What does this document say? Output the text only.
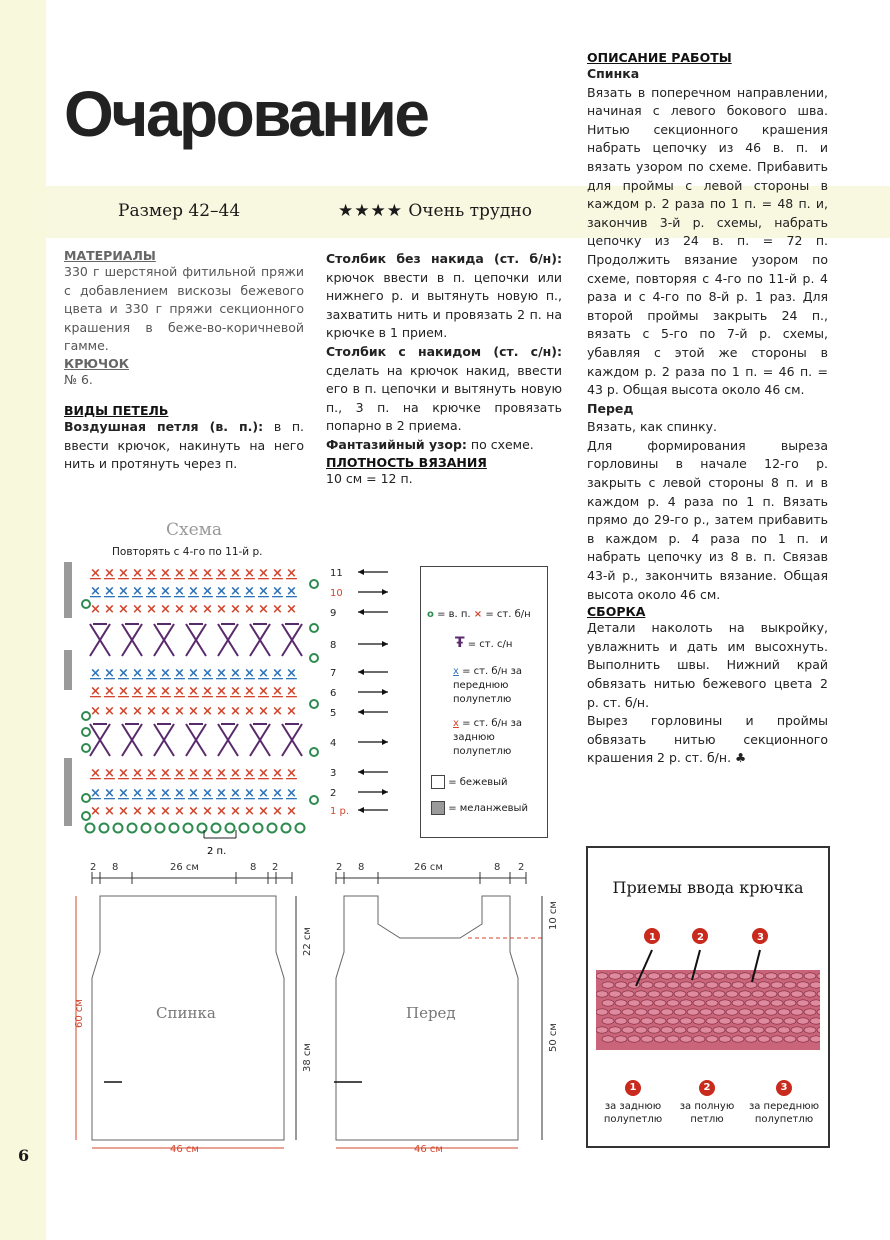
Очарование
Размер 42–44	★★★★ Очень трудно
МАТЕРИАЛЫ
330 г шерстяной фитильной пряжи с добавлением вискозы бежевого цвета и 330 г пряжи секционного крашения в беже-во-коричневой гамме.
КРЮЧОК
№ 6.
ВИДЫ ПЕТЕЛЬ
Воздушная петля (в. п.): в п. ввести крючок, накинуть на него нить и протянуть через п.
Столбик без накида (ст. б/н): крючок ввести в п. цепочки или нижнего р. и вытянуть новую п., захватить нить и провязать 2 п. на крючке в 1 прием.
Столбик с накидом (ст. с/н): сделать на крючок накид, ввести его в п. цепочки и вытянуть новую п., 3 п. на крючке провязать попарно в 2 приема.
Фантазийный узор: по схеме.
ПЛОТНОСТЬ ВЯЗАНИЯ
10 см = 12 п.
ОПИСАНИЕ РАБОТЫ
Спинка
Вязать в поперечном направлении, начиная с левого бокового шва. Нитью секционного крашения набрать цепочку из 46 в. п. и вязать узором по схеме. Прибавить для проймы с левой стороны в каждом р. 2 раза по 1 п. = 48 п. и, закончив 3-й р. схемы, набрать цепочку из 24 в. п. = 72 п. Продолжить вязание узором по схеме, повторяя с 4-го по 11-й р. 4 раза и с 4-го по 8-й р. 1 раз. Для второй проймы закрыть 24 п., вязать с 5-го по 7-й р. схемы, убавляя с этой же стороны в каждом р. 2 раза по 1 п. = 46 п. = 43 р. Общая высота около 46 см.
Перед
Вязать, как спинку.
Для формирования выреза горловины в начале 12-го р. закрыть с левой стороны 8 п. и в каждом р. 4 раза по 1 п. Вязать прямо до 29-го р., затем прибавить в каждом р. 4 раза по 1 п. и набрать цепочку из 8 в. п. Связав 43-й р., закончить вязание. Общая высота около 46 см.
СБОРКА
Детали наколоть на выкройку, увлажнить и дать им высохнуть. Выполнить швы. Нижний край обвязать нитью бежевого цвета 2 р. ст. б/н.
Вырез горловины и проймы обвязать нитью секционного крашения 2 р. ст. б/н. ♣
Схема
Повторять с 4-го по 11-й р.
× × × × × × × × × × × × × × ×
× × × × × × × × × × × × × × ×
× × × × × × × × × × × × × × ×
× × × × × × × × × × × × × × ×
× × × × × × × × × × × × × × ×
× × × × × × × × × × × × × × ×
× × × × × × × × × × × × × × ×
× × × × × × × × × × × × × × ×
× × × × × × × × × × × × × × ×
11
10
9
8
7
6
5
4
3
2
1 р.
2 п.
o = в. п. × = ст. б/н
Ŧ = ст. с/н
x = ст. б/н за переднюю полупетлю
x = ст. б/н за заднюю полупетлю
= бежевый
= меланжевый
2 8	26 см	8 2
60 см
22 см
38 см
Спинка
46 см
2 8	26 см	8 2
10 см
50 см
Перед
46 см
Приемы ввода крючка
1	2	3
1
за заднюю полупетлю
2
за полную петлю
3
за переднюю полупетлю
6
